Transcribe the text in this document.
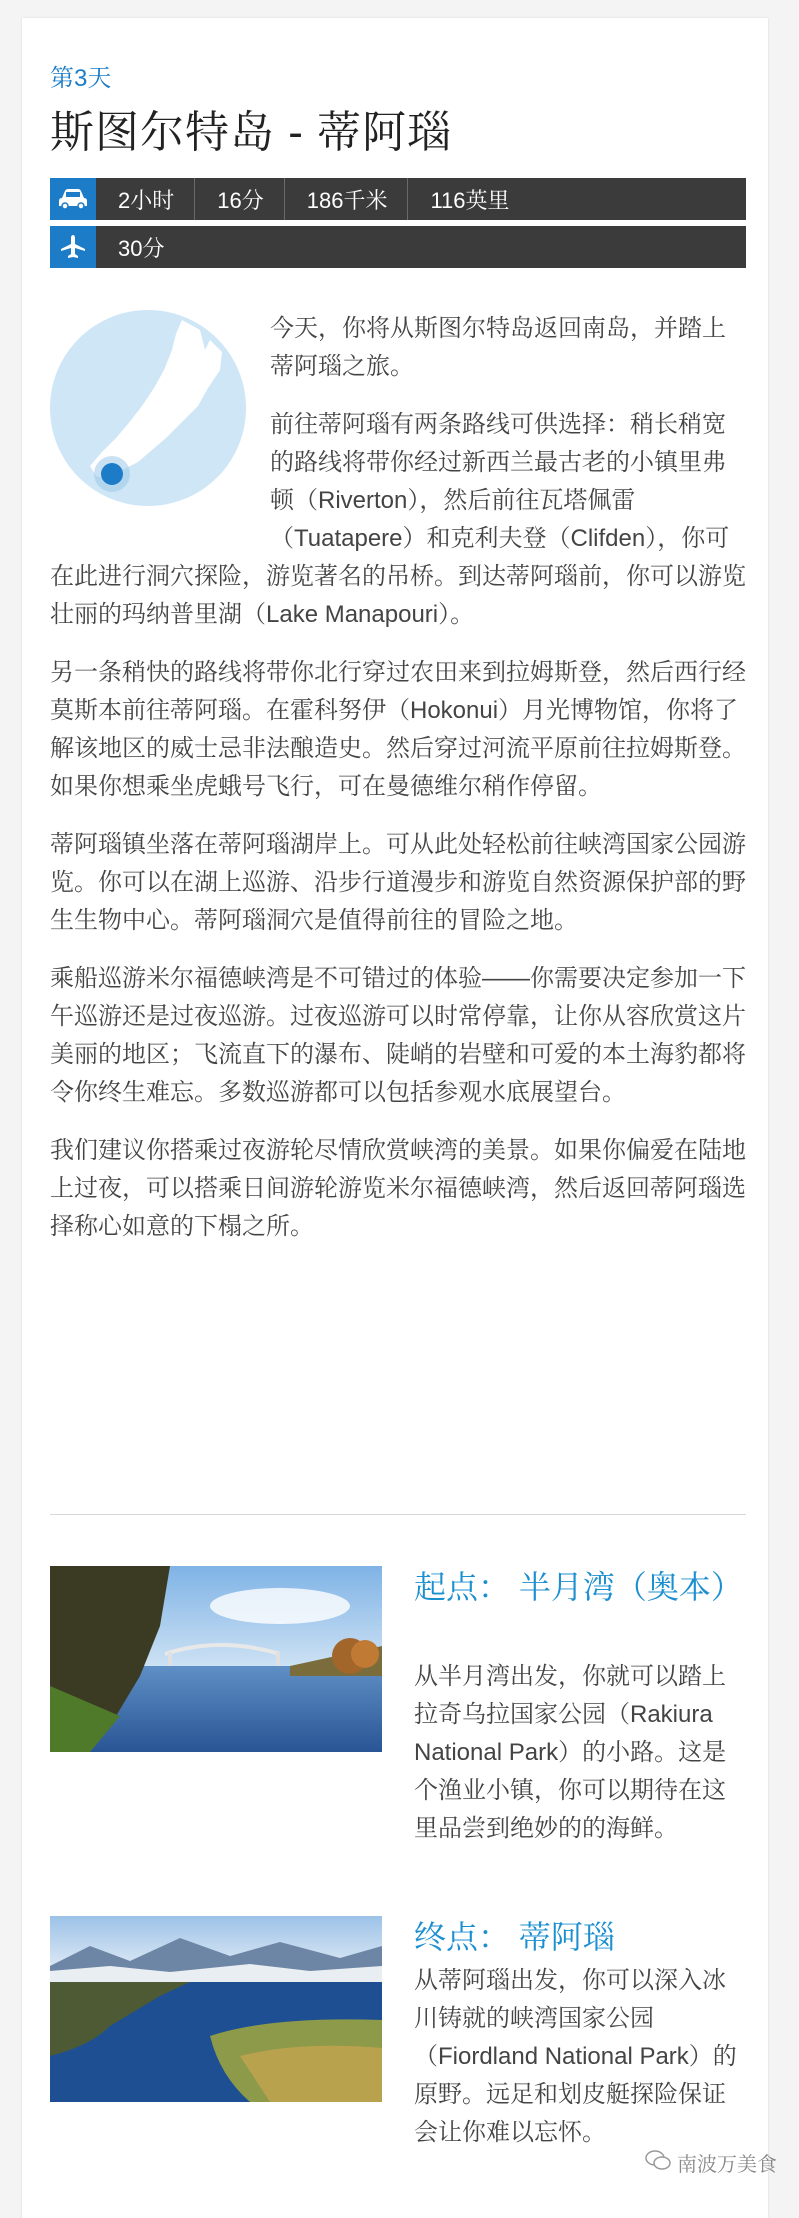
第3天
斯图尔特岛 - 蒂阿瑙
2小时	16分	186千米	116英里
30分

今天，你将从斯图尔特岛返回南岛，并踏上蒂阿瑙之旅。

前往蒂阿瑙有两条路线可供选择：稍长稍宽的路线将带你经过新西兰最古老的小镇里弗顿（Riverton），然后前往瓦塔佩雷（Tuatapere）和克利夫登（Clifden），你可在此进行洞穴探险，游览著名的吊桥。到达蒂阿瑙前，你可以游览壮丽的玛纳普里湖（Lake Manapouri）。

另一条稍快的路线将带你北行穿过农田来到拉姆斯登，然后西行经莫斯本前往蒂阿瑙。在霍科努伊（Hokonui）月光博物馆，你将了解该地区的威士忌非法酿造史。然后穿过河流平原前往拉姆斯登。如果你想乘坐虎蛾号飞行，可在曼德维尔稍作停留。

蒂阿瑙镇坐落在蒂阿瑙湖岸上。可从此处轻松前往峡湾国家公园游览。你可以在湖上巡游、沿步行道漫步和游览自然资源保护部的野生生物中心。蒂阿瑙洞穴是值得前往的冒险之地。

乘船巡游米尔福德峡湾是不可错过的体验——你需要决定参加一下午巡游还是过夜巡游。过夜巡游可以时常停靠，让你从容欣赏这片美丽的地区；飞流直下的瀑布、陡峭的岩壁和可爱的本土海豹都将令你终生难忘。多数巡游都可以包括参观水底展望台。

我们建议你搭乘过夜游轮尽情欣赏峡湾的美景。如果你偏爱在陆地上过夜，可以搭乘日间游轮游览米尔福德峡湾，然后返回蒂阿瑙选择称心如意的下榻之所。

起点： 半月湾（奥本）
从半月湾出发，你就可以踏上拉奇乌拉国家公园（Rakiura National Park）的小路。这是个渔业小镇，你可以期待在这里品尝到绝妙的的海鲜。
终点： 蒂阿瑙
从蒂阿瑙出发，你可以深入冰川铸就的峡湾国家公园（Fiordland National Park）的原野。远足和划皮艇探险保证会让你难以忘怀。
南波万美食
